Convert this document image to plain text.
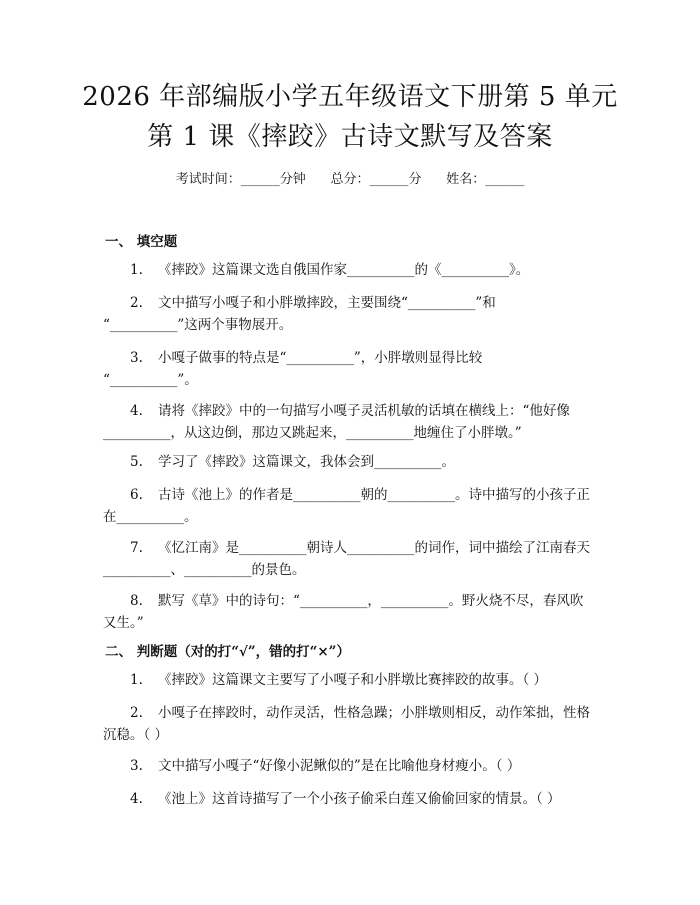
2026 年部编版小学五年级语文下册第 5 单元
第 1 课《摔跤》古诗文默写及答案
考试时间：______分钟      总分：______分      姓名：______
一、 填空题
1. 《摔跤》这篇课文选自俄国作家__________的《__________》。
2. 文中描写小嘎子和小胖墩摔跤，主要围绕“__________”和
“__________”这两个事物展开。
3. 小嘎子做事的特点是“__________”，小胖墩则显得比较
“__________”。
4. 请将《摔跤》中的一句描写小嘎子灵活机敏的话填在横线上：“他好像
__________，从这边倒，那边又跳起来，__________地缠住了小胖墩。”
5. 学习了《摔跤》这篇课文，我体会到__________。
6. 古诗《池上》的作者是__________朝的__________。诗中描写的小孩子正
在__________。
7. 《忆江南》是__________朝诗人__________的词作，词中描绘了江南春天
__________、__________的景色。
8. 默写《草》中的诗句：“__________，__________。野火烧不尽，春风吹
又生。”
二、 判断题（对的打“√”，错的打“×”）
1. 《摔跤》这篇课文主要写了小嘎子和小胖墩比赛摔跤的故事。（ ）
2. 小嘎子在摔跤时，动作灵活，性格急躁；小胖墩则相反，动作笨拙，性格
沉稳。（ ）
3. 文中描写小嘎子“好像小泥鳅似的”是在比喻他身材瘦小。（ ）
4. 《池上》这首诗描写了一个小孩子偷采白莲又偷偷回家的情景。（ ）
